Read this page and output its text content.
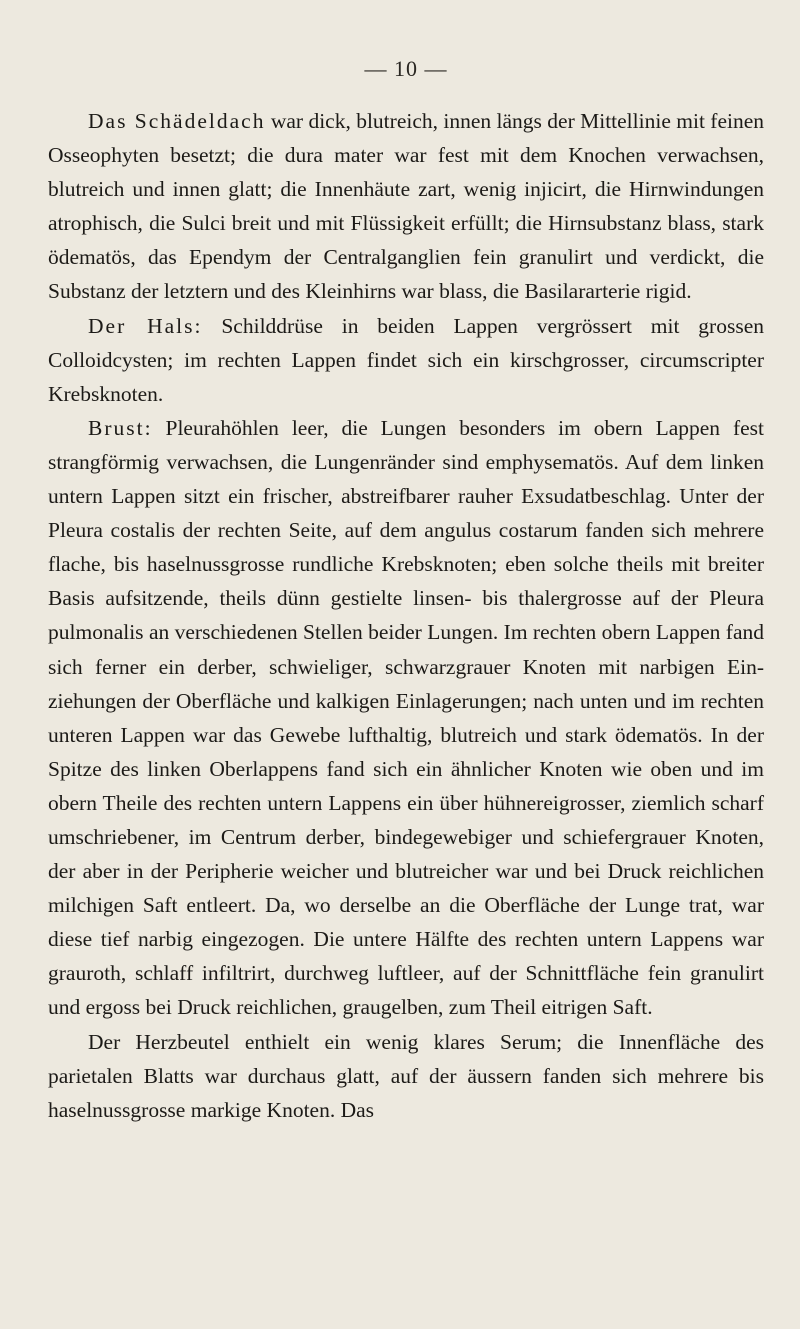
— 10 —

Das Schädeldach war dick, blutreich, innen längs der Mittellinie mit feinen Osseophyten besetzt; die dura mater war fest mit dem Knochen verwachsen, blutreich und innen glatt; die Innenhäute zart, wenig injicirt, die Hirnwindungen atrophisch, die Sulci breit und mit Flüssigkeit erfüllt; die Hirnsubstanz blass, stark ödematös, das Ependym der Centralganglien fein granulirt und verdickt, die Substanz der letztern und des Kleinhirns war blass, die Basilararterie rigid.

Der Hals: Schilddrüse in beiden Lappen vergrössert mit grossen Colloidcysten; im rechten Lappen findet sich ein kirschgrosser, circumscripter Krebsknoten.

Brust: Pleurahöhlen leer, die Lungen besonders im obern Lappen fest strangförmig verwachsen, die Lungenränder sind emphysematös. Auf dem linken untern Lappen sitzt ein frischer, abstreifbarer rauher Exsudatbeschlag. Unter der Pleura costalis der rechten Seite, auf dem angulus costarum fanden sich mehrere flache, bis haselnussgrosse rundliche Krebsknoten; eben solche theils mit breiter Basis aufsitzende, theils dünn gestielte linsen- bis thalergrosse auf der Pleura pulmonalis an verschiedenen Stellen beider Lungen. Im rechten obern Lappen fand sich ferner ein derber, schwieliger, schwarzgrauer Knoten mit narbigen Einziehungen der Oberfläche und kalkigen Einlagerungen; nach unten und im rechten unteren Lappen war das Gewebe lufthaltig, blutreich und stark ödematös. In der Spitze des linken Oberlappens fand sich ein ähnlicher Knoten wie oben und im obern Theile des rechten untern Lappens ein über hühnereigrosser, ziemlich scharf umschriebener, im Centrum derber, bindegewebiger und schiefergrauer Knoten, der aber in der Peripherie weicher und blutreicher war und bei Druck reichlichen milchigen Saft entleert. Da, wo derselbe an die Oberfläche der Lunge trat, war diese tief narbig eingezogen. Die untere Hälfte des rechten untern Lappens war grauroth, schlaff infiltrirt, durchweg luftleer, auf der Schnittfläche fein granulirt und ergoss bei Druck reichlichen, graugelben, zum Theil eitrigen Saft.

Der Herzbeutel enthielt ein wenig klares Serum; die Innenfläche des parietalen Blatts war durchaus glatt, auf der äussern fanden sich mehrere bis haselnussgrosse markige Knoten. Das
